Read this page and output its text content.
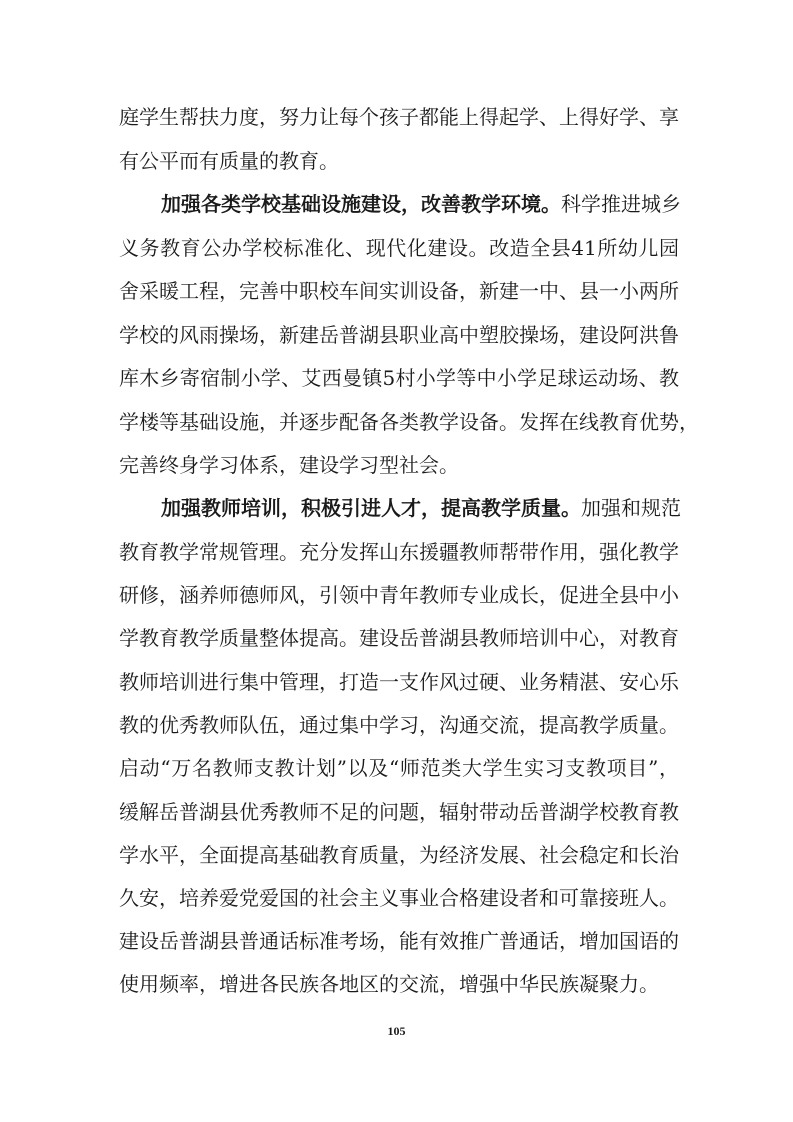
庭学生帮扶力度，努力让每个孩子都能上得起学、上得好学、享
有公平而有质量的教育。
加强各类学校基础设施建设，改善教学环境。科学推进城乡
义务教育公办学校标准化、现代化建设。改造全县41所幼儿园
舍采暖工程，完善中职校车间实训设备，新建一中、县一小两所
学校的风雨操场，新建岳普湖县职业高中塑胶操场，建设阿洪鲁
库木乡寄宿制小学、艾西曼镇5村小学等中小学足球运动场、教
学楼等基础设施，并逐步配备各类教学设备。发挥在线教育优势，
完善终身学习体系，建设学习型社会。
加强教师培训，积极引进人才，提高教学质量。加强和规范
教育教学常规管理。充分发挥山东援疆教师帮带作用，强化教学
研修，涵养师德师风，引领中青年教师专业成长，促进全县中小
学教育教学质量整体提高。建设岳普湖县教师培训中心，对教育
教师培训进行集中管理，打造一支作风过硬、业务精湛、安心乐
教的优秀教师队伍，通过集中学习，沟通交流，提高教学质量。
启动“万名教师支教计划”以及“师范类大学生实习支教项目”，
缓解岳普湖县优秀教师不足的问题，辐射带动岳普湖学校教育教
学水平，全面提高基础教育质量，为经济发展、社会稳定和长治
久安，培养爱党爱国的社会主义事业合格建设者和可靠接班人。
建设岳普湖县普通话标准考场，能有效推广普通话，增加国语的
使用频率，增进各民族各地区的交流，增强中华民族凝聚力。
105
